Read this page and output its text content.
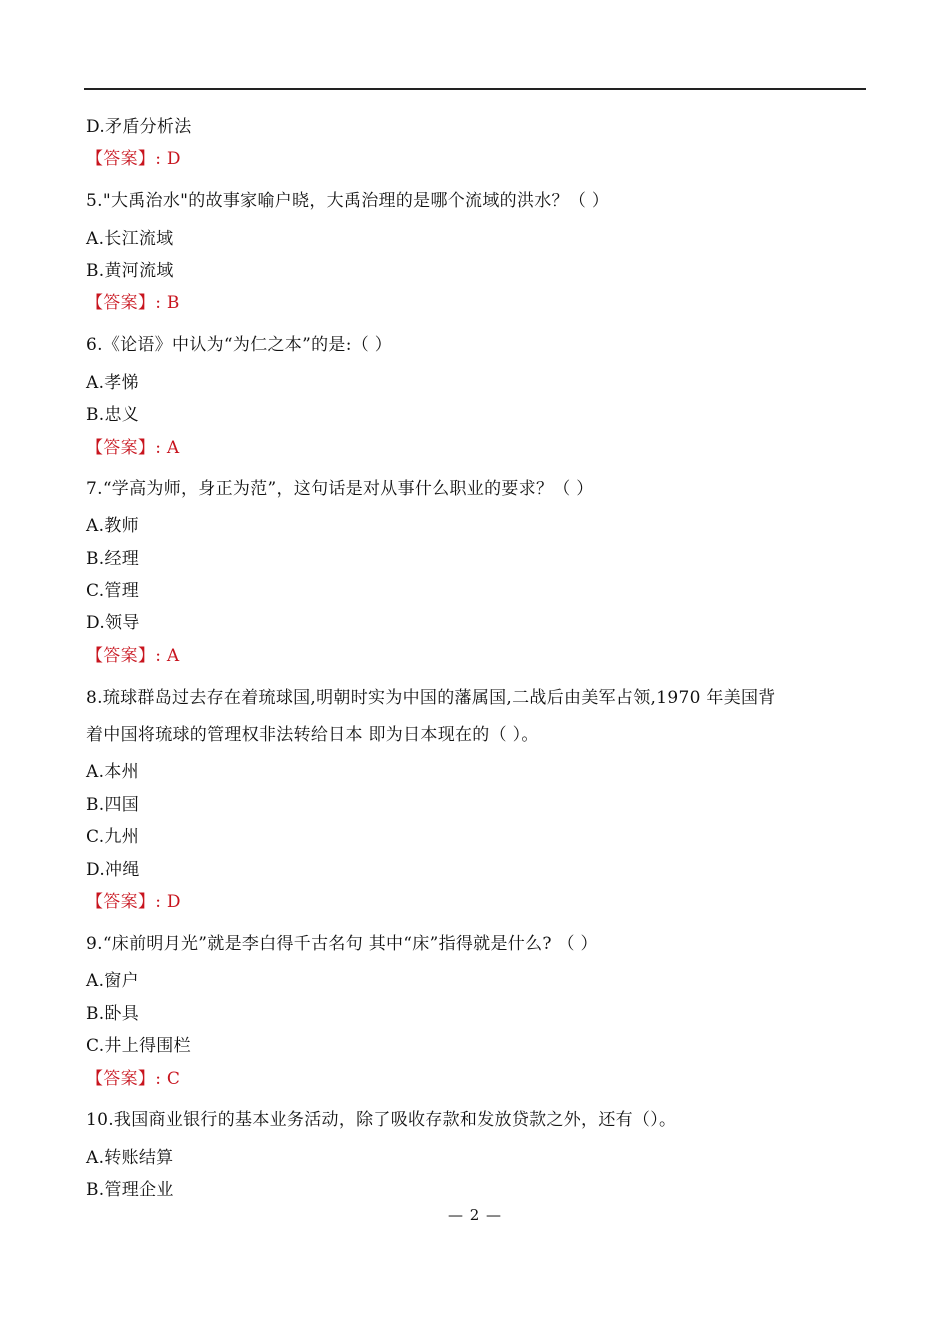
D.矛盾分析法
【答案】: D
5."大禹治水"的故事家喻户晓，大禹治理的是哪个流域的洪水？（ ）
A.长江流域
B.黄河流域
【答案】: B
6.《论语》中认为“为仁之本”的是:（ ）
A.孝悌
B.忠义
【答案】: A
7.“学高为师，身正为范”，这句话是对从事什么职业的要求？（ ）
A.教师
B.经理
C.管理
D.领导
【答案】: A
8.琉球群岛过去存在着琉球国,明朝时实为中国的藩属国,二战后由美军占领,1970 年美国背
着中国将琉球的管理权非法转给日本 即为日本现在的（ ）。
A.本州
B.四国
C.九州
D.冲绳
【答案】: D
9.“床前明月光”就是李白得千古名句 其中“床”指得就是什么? （ ）
A.窗户
B.卧具
C.井上得围栏
【答案】: C
10.我国商业银行的基本业务活动，除了吸收存款和发放贷款之外，还有（）。
A.转账结算
B.管理企业
— 2 —
